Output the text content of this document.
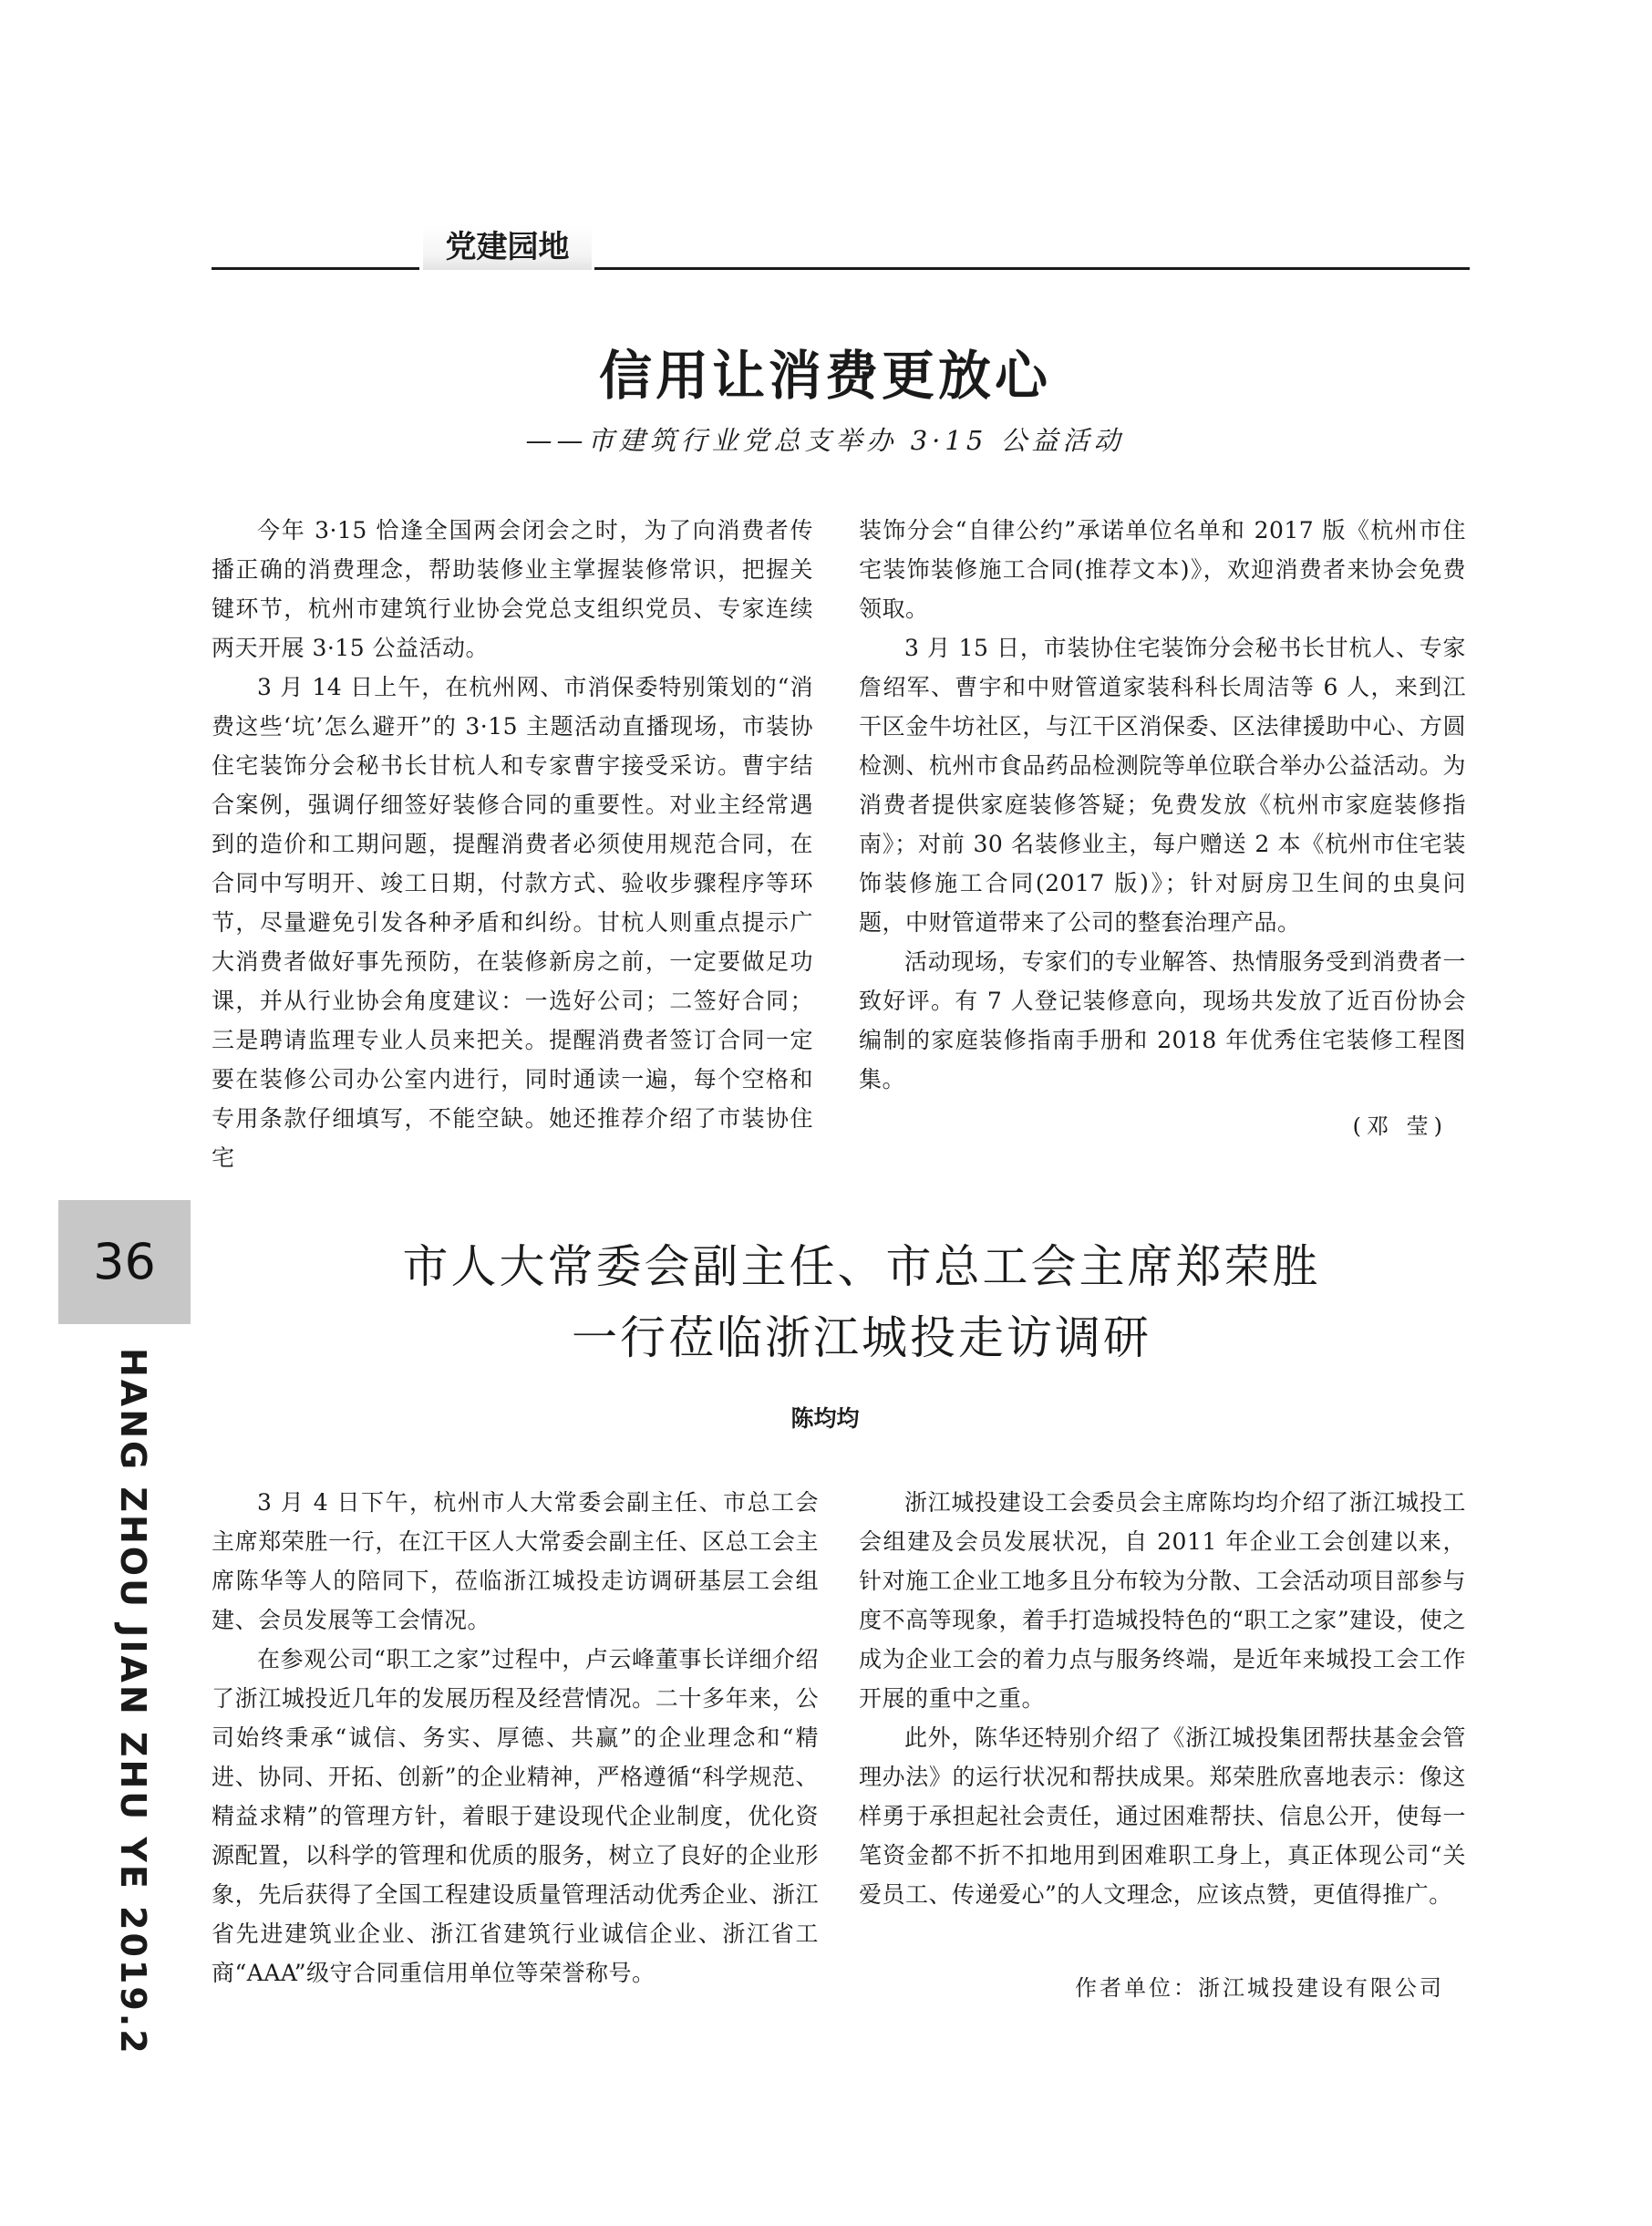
党建园地
信用让消费更放心
——市建筑行业党总支举办 3·15 公益活动

今年 3·15 恰逢全国两会闭会之时，为了向消费者传播正确的消费理念，帮助装修业主掌握装修常识，把握关键环节，杭州市建筑行业协会党总支组织党员、专家连续两天开展 3·15 公益活动。

3 月 14 日上午，在杭州网、市消保委特别策划的“消费这些‘坑’怎么避开”的 3·15 主题活动直播现场，市装协住宅装饰分会秘书长甘杭人和专家曹宇接受采访。曹宇结合案例，强调仔细签好装修合同的重要性。对业主经常遇到的造价和工期问题，提醒消费者必须使用规范合同，在合同中写明开、竣工日期，付款方式、验收步骤程序等环节，尽量避免引发各种矛盾和纠纷。甘杭人则重点提示广大消费者做好事先预防，在装修新房之前，一定要做足功课，并从行业协会角度建议：一选好公司；二签好合同；三是聘请监理专业人员来把关。提醒消费者签订合同一定要在装修公司办公室内进行，同时通读一遍，每个空格和专用条款仔细填写，不能空缺。她还推荐介绍了市装协住宅

装饰分会“自律公约”承诺单位名单和 2017 版《杭州市住宅装饰装修施工合同(推荐文本)》，欢迎消费者来协会免费领取。

3 月 15 日，市装协住宅装饰分会秘书长甘杭人、专家詹绍军、曹宇和中财管道家装科科长周洁等 6 人，来到江干区金牛坊社区，与江干区消保委、区法律援助中心、方圆检测、杭州市食品药品检测院等单位联合举办公益活动。为消费者提供家庭装修答疑；免费发放《杭州市家庭装修指南》；对前 30 名装修业主，每户赠送 2 本《杭州市住宅装饰装修施工合同(2017 版)》；针对厨房卫生间的虫臭问题，中财管道带来了公司的整套治理产品。

活动现场，专家们的专业解答、热情服务受到消费者一致好评。有 7 人登记装修意向，现场共发放了近百份协会编制的家庭装修指南手册和 2018 年优秀住宅装修工程图集。

(邓 莹)
36
HANG ZHOU JIAN ZHU YE 2019.2
市人大常委会副主任、市总工会主席郑荣胜
一行莅临浙江城投走访调研
陈均均

3 月 4 日下午，杭州市人大常委会副主任、市总工会主席郑荣胜一行，在江干区人大常委会副主任、区总工会主席陈华等人的陪同下，莅临浙江城投走访调研基层工会组建、会员发展等工会情况。

在参观公司“职工之家”过程中，卢云峰董事长详细介绍了浙江城投近几年的发展历程及经营情况。二十多年来，公司始终秉承“诚信、务实、厚德、共赢”的企业理念和“精进、协同、开拓、创新”的企业精神，严格遵循“科学规范、精益求精”的管理方针，着眼于建设现代企业制度，优化资源配置，以科学的管理和优质的服务，树立了良好的企业形象，先后获得了全国工程建设质量管理活动优秀企业、浙江省先进建筑业企业、浙江省建筑行业诚信企业、浙江省工商“AAA”级守合同重信用单位等荣誉称号。

浙江城投建设工会委员会主席陈均均介绍了浙江城投工会组建及会员发展状况，自 2011 年企业工会创建以来，针对施工企业工地多且分布较为分散、工会活动项目部参与度不高等现象，着手打造城投特色的“职工之家”建设，使之成为企业工会的着力点与服务终端，是近年来城投工会工作开展的重中之重。

此外，陈华还特别介绍了《浙江城投集团帮扶基金会管理办法》的运行状况和帮扶成果。郑荣胜欣喜地表示：像这样勇于承担起社会责任，通过困难帮扶、信息公开，使每一笔资金都不折不扣地用到困难职工身上，真正体现公司“关爱员工、传递爱心”的人文理念，应该点赞，更值得推广。

作者单位：浙江城投建设有限公司
